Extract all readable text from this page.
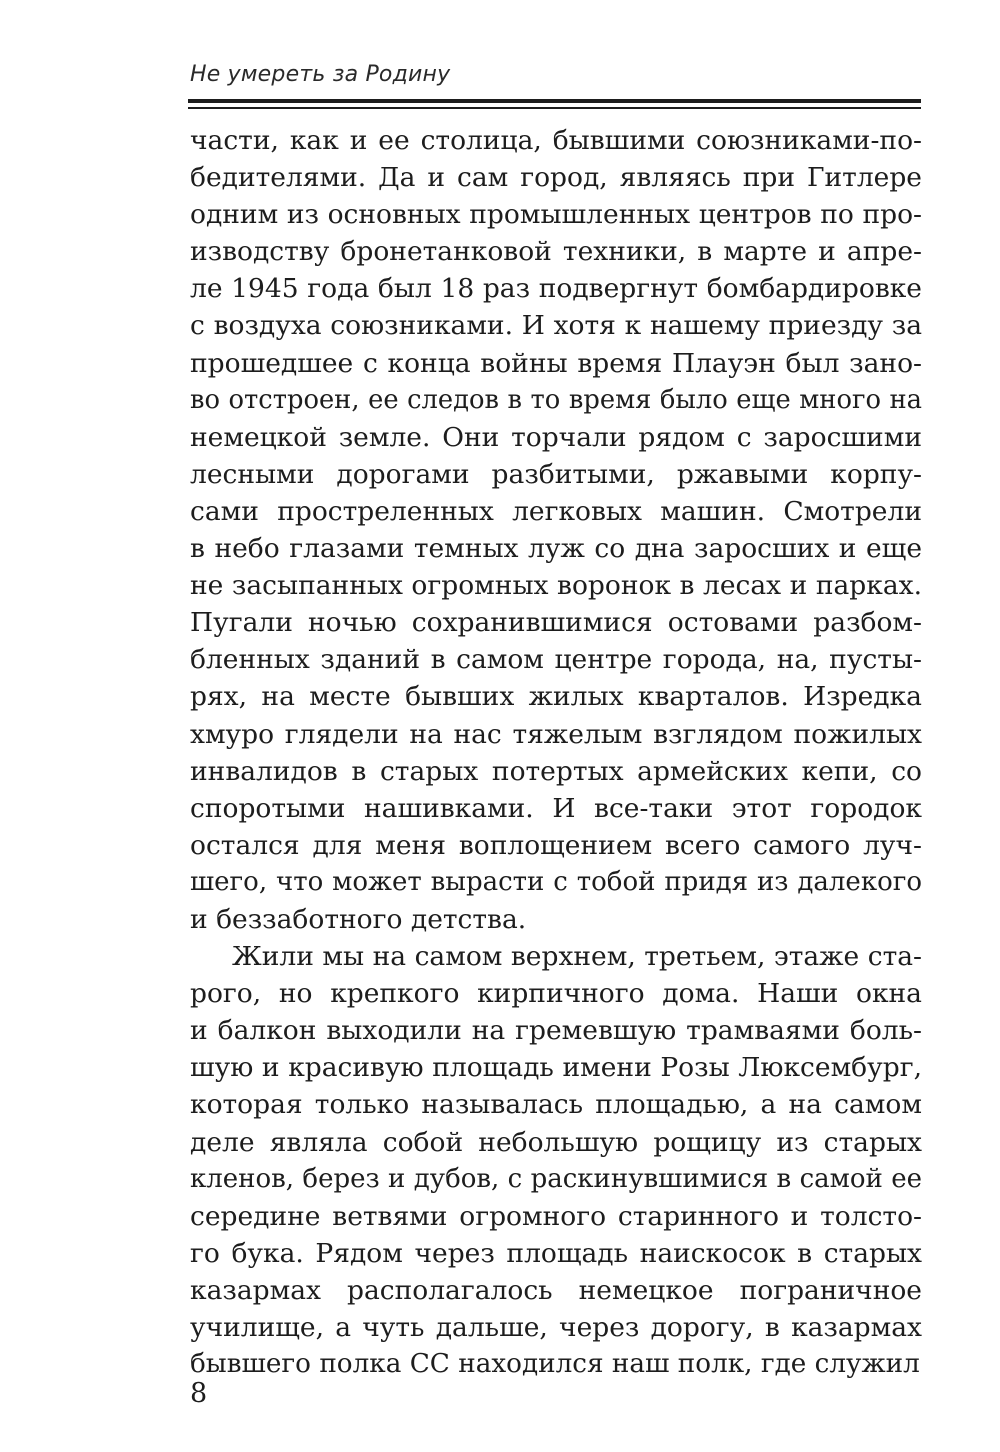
Не умереть за Родину
части, как и ее столица, бывшими союзниками-по-
бедителями. Да и сам город, являясь при Гитлере
одним из основных промышленных центров по про-
изводству бронетанковой техники, в марте и апре-
ле 1945 года был 18 раз подвергнут бомбардировке
с воздуха союзниками. И хотя к нашему приезду за
прошедшее с конца войны время Плауэн был зано-
во отстроен, ее следов в то время было еще много на
немецкой земле. Они торчали рядом с заросшими
лесными дорогами разбитыми, ржавыми корпу-
сами простреленных легковых машин. Смотрели
в небо глазами темных луж со дна заросших и еще
не засыпанных огромных воронок в лесах и парках.
Пугали ночью сохранившимися остовами разбом-
бленных зданий в самом центре города, на, пусты-
рях, на месте бывших жилых кварталов. Изредка
хмуро глядели на нас тяжелым взглядом пожилых
инвалидов в старых потертых армейских кепи, со
споротыми нашивками. И все-таки этот городок
остался для меня воплощением всего самого луч-
шего, что может вырасти с тобой придя из далекого
и беззаботного детства.
Жили мы на самом верхнем, третьем, этаже ста-
рого, но крепкого кирпичного дома. Наши окна
и балкон выходили на гремевшую трамваями боль-
шую и красивую площадь имени Розы Люксембург,
которая только называлась площадью, а на самом
деле являла собой небольшую рощицу из старых
кленов, берез и дубов, с раскинувшимися в самой ее
середине ветвями огромного старинного и толсто-
го бука. Рядом через площадь наискосок в старых
казармах располагалось немецкое пограничное
училище, а чуть дальше, через дорогу, в казармах
бывшего полка СС находился наш полк, где служил
8
